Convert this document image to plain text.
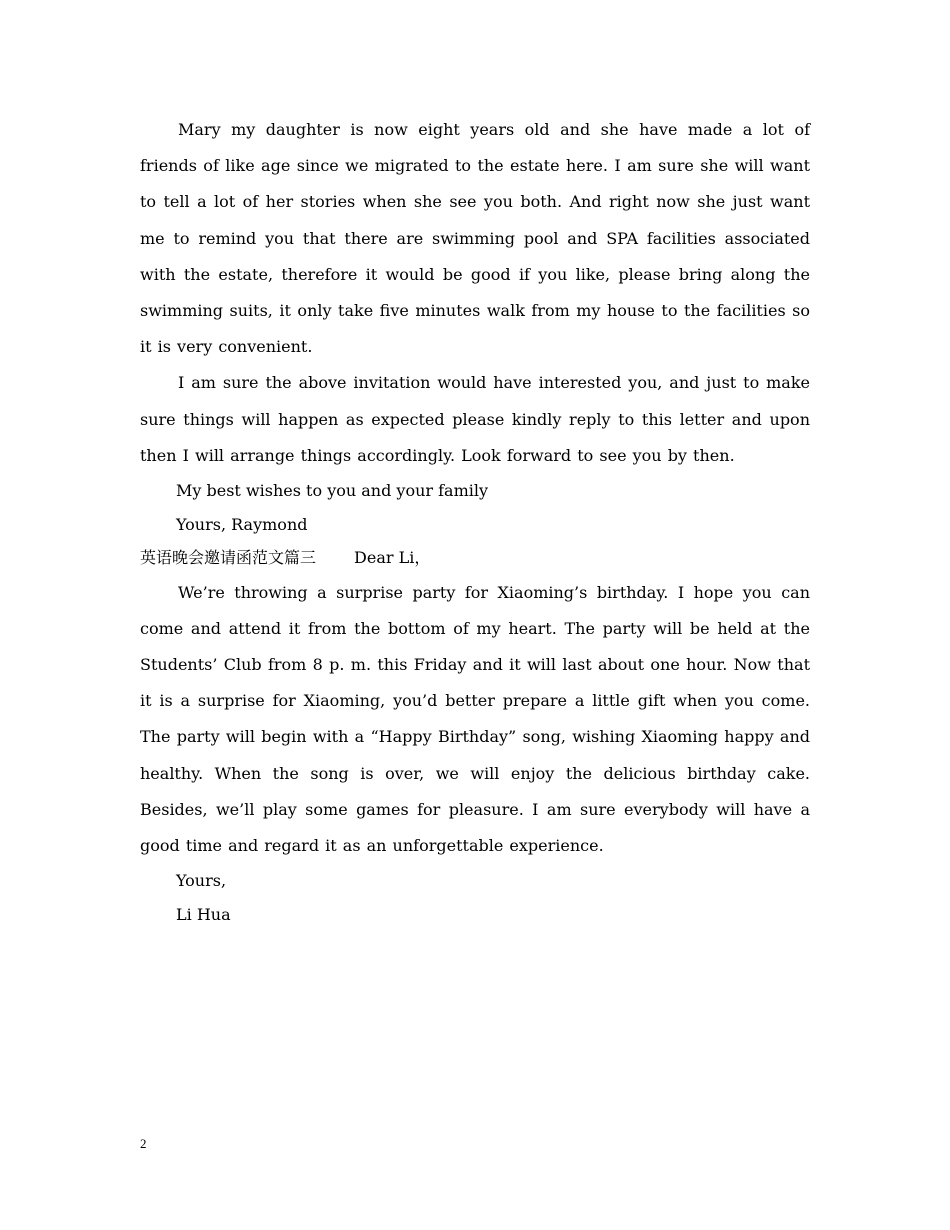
Mary my daughter is now eight years old and she have made a lot of friends of like age since we migrated to the estate here. I am sure she will want to tell a lot of her stories when she see you both. And right now she just want me to remind you that there are swimming pool and SPA facilities associated with the estate, therefore it would be good if you like, please bring along the swimming suits, it only take five minutes walk from my house to the facilities so it is very convenient.

I am sure the above invitation would have interested you, and just to make sure things will happen as expected please kindly reply to this letter and upon then I will arrange things accordingly. Look forward to see you by then.

My best wishes to you and your family

Yours, Raymond

英语晚会邀请函范文篇三 Dear Li，

We’re throwing a surprise party for Xiaoming’s birthday. I hope you can come and attend it from the bottom of my heart. The party will be held at the Students’ Club from 8 p. m. this Friday and it will last about one hour. Now that it is a surprise for Xiaoming, you’d better prepare a little gift when you come. The party will begin with a “Happy Birthday” song, wishing Xiaoming happy and healthy. When the song is over, we will enjoy the delicious birthday cake. Besides, we’ll play some games for pleasure. I am sure everybody will have a good time and regard it as an unforgettable experience.

Yours,

Li Hua

2
